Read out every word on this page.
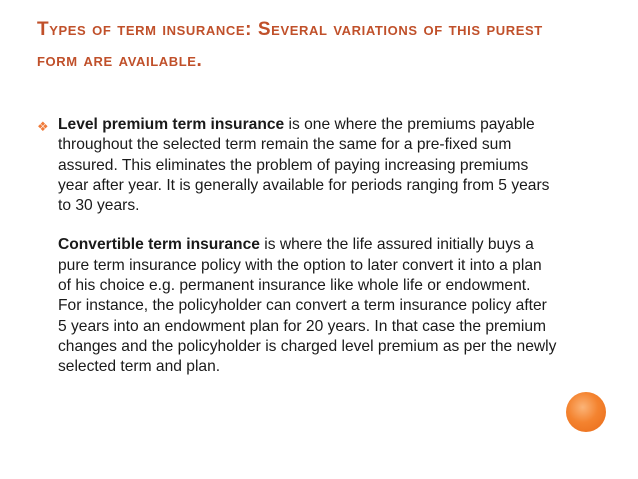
Types of term insurance: Several variations of this purest form are available.
❖ Level premium term insurance is one where the premiums payable throughout the selected term remain the same for a pre-fixed sum assured. This eliminates the problem of paying increasing premiums year after year. It is generally available for periods ranging from 5 years to 30 years.

Convertible term insurance is where the life assured initially buys a pure term insurance policy with the option to later convert it into a plan of his choice e.g. permanent insurance like whole life or endowment. For instance, the policyholder can convert a term insurance policy after 5 years into an endowment plan for 20 years. In that case the premium changes and the policyholder is charged level premium as per the newly selected term and plan.
